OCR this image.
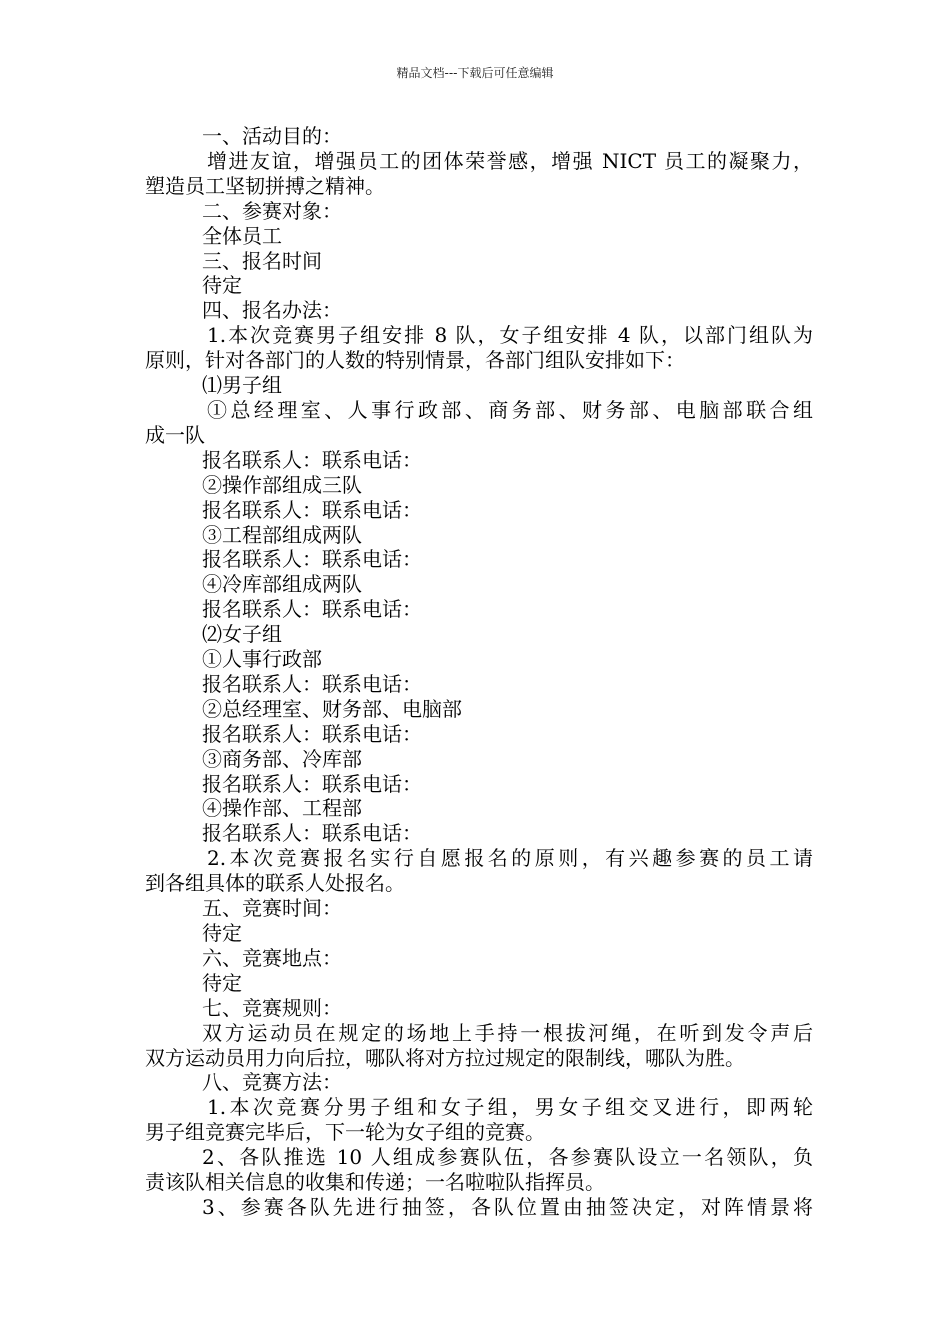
精品文档---下载后可任意编辑
一、活动目的：
增进友谊，增强员工的团体荣誉感，增强 NICT 员工的凝聚力，
塑造员工坚韧拼搏之精神。
二、参赛对象：
全体员工
三、报名时间
待定
四、报名办法：
1.本次竞赛男子组安排 8 队，女子组安排 4 队，以部门组队为
原则，针对各部门的人数的特别情景，各部门组队安排如下：
⑴男子组
①总经理室、人事行政部、商务部、财务部、电脑部联合组
成一队
报名联系人：联系电话：
②操作部组成三队
报名联系人：联系电话：
③工程部组成两队
报名联系人：联系电话：
④冷库部组成两队
报名联系人：联系电话：
⑵女子组
①人事行政部
报名联系人：联系电话：
②总经理室、财务部、电脑部
报名联系人：联系电话：
③商务部、冷库部
报名联系人：联系电话：
④操作部、工程部
报名联系人：联系电话：
2.本次竞赛报名实行自愿报名的原则，有兴趣参赛的员工请
到各组具体的联系人处报名。
五、竞赛时间：
待定
六、竞赛地点：
待定
七、竞赛规则：
双方运动员在规定的场地上手持一根拔河绳，在听到发令声后
双方运动员用力向后拉，哪队将对方拉过规定的限制线，哪队为胜。
八、竞赛方法：
1.本次竞赛分男子组和女子组，男女子组交叉进行，即两轮
男子组竞赛完毕后，下一轮为女子组的竞赛。
2、各队推选 10 人组成参赛队伍，各参赛队设立一名领队，负
责该队相关信息的收集和传递；一名啦啦队指挥员。
3、参赛各队先进行抽签，各队位置由抽签决定，对阵情景将
